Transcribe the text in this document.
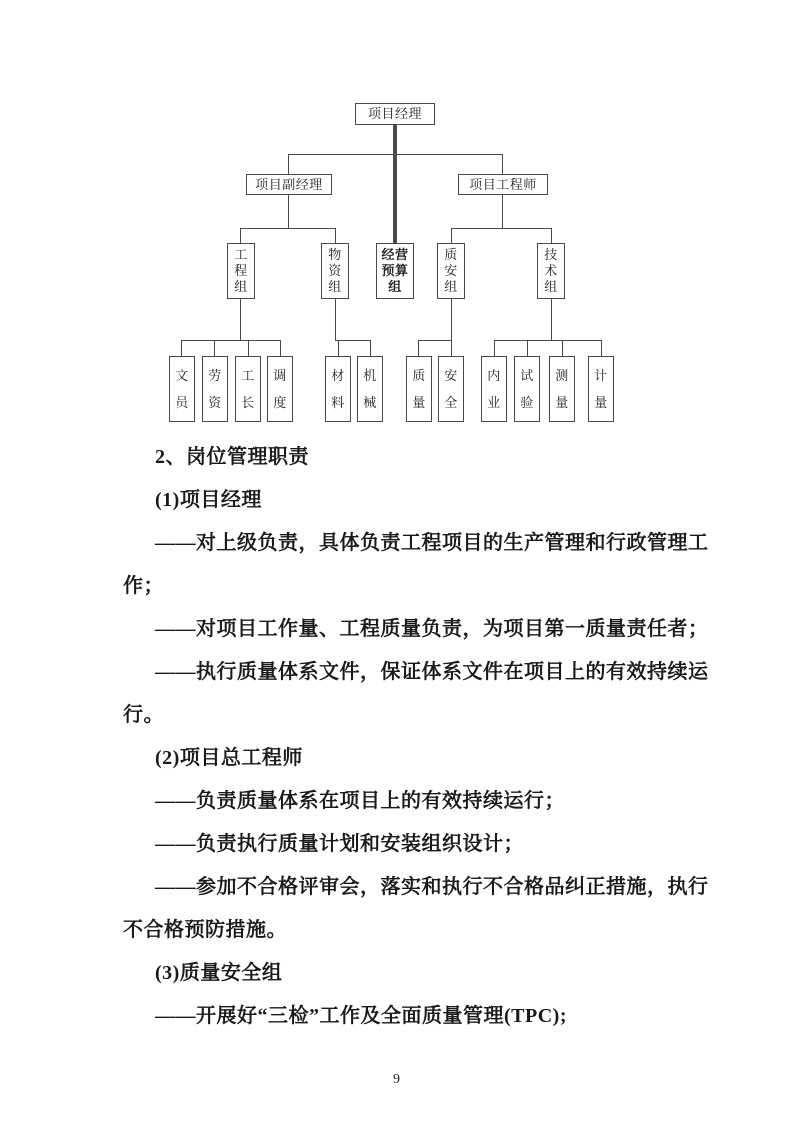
项目经理
项目副经理	项目工程师
工程组
物资组
经营预算组
质安组
技术组
文员
劳资
工长
调度
材料
机械
质量
安全
内业
试验
测量
计量
2、岗位管理职责
(1)项目经理
——对上级负责，具体负责工程项目的生产管理和行政管理工
作；
——对项目工作量、工程质量负责，为项目第一质量责任者；
——执行质量体系文件，保证体系文件在项目上的有效持续运
行。
(2)项目总工程师
——负责质量体系在项目上的有效持续运行；
——负责执行质量计划和安装组织设计；
——参加不合格评审会，落实和执行不合格品纠正措施，执行
不合格预防措施。
(3)质量安全组
——开展好“三检”工作及全面质量管理(TPC);
9
